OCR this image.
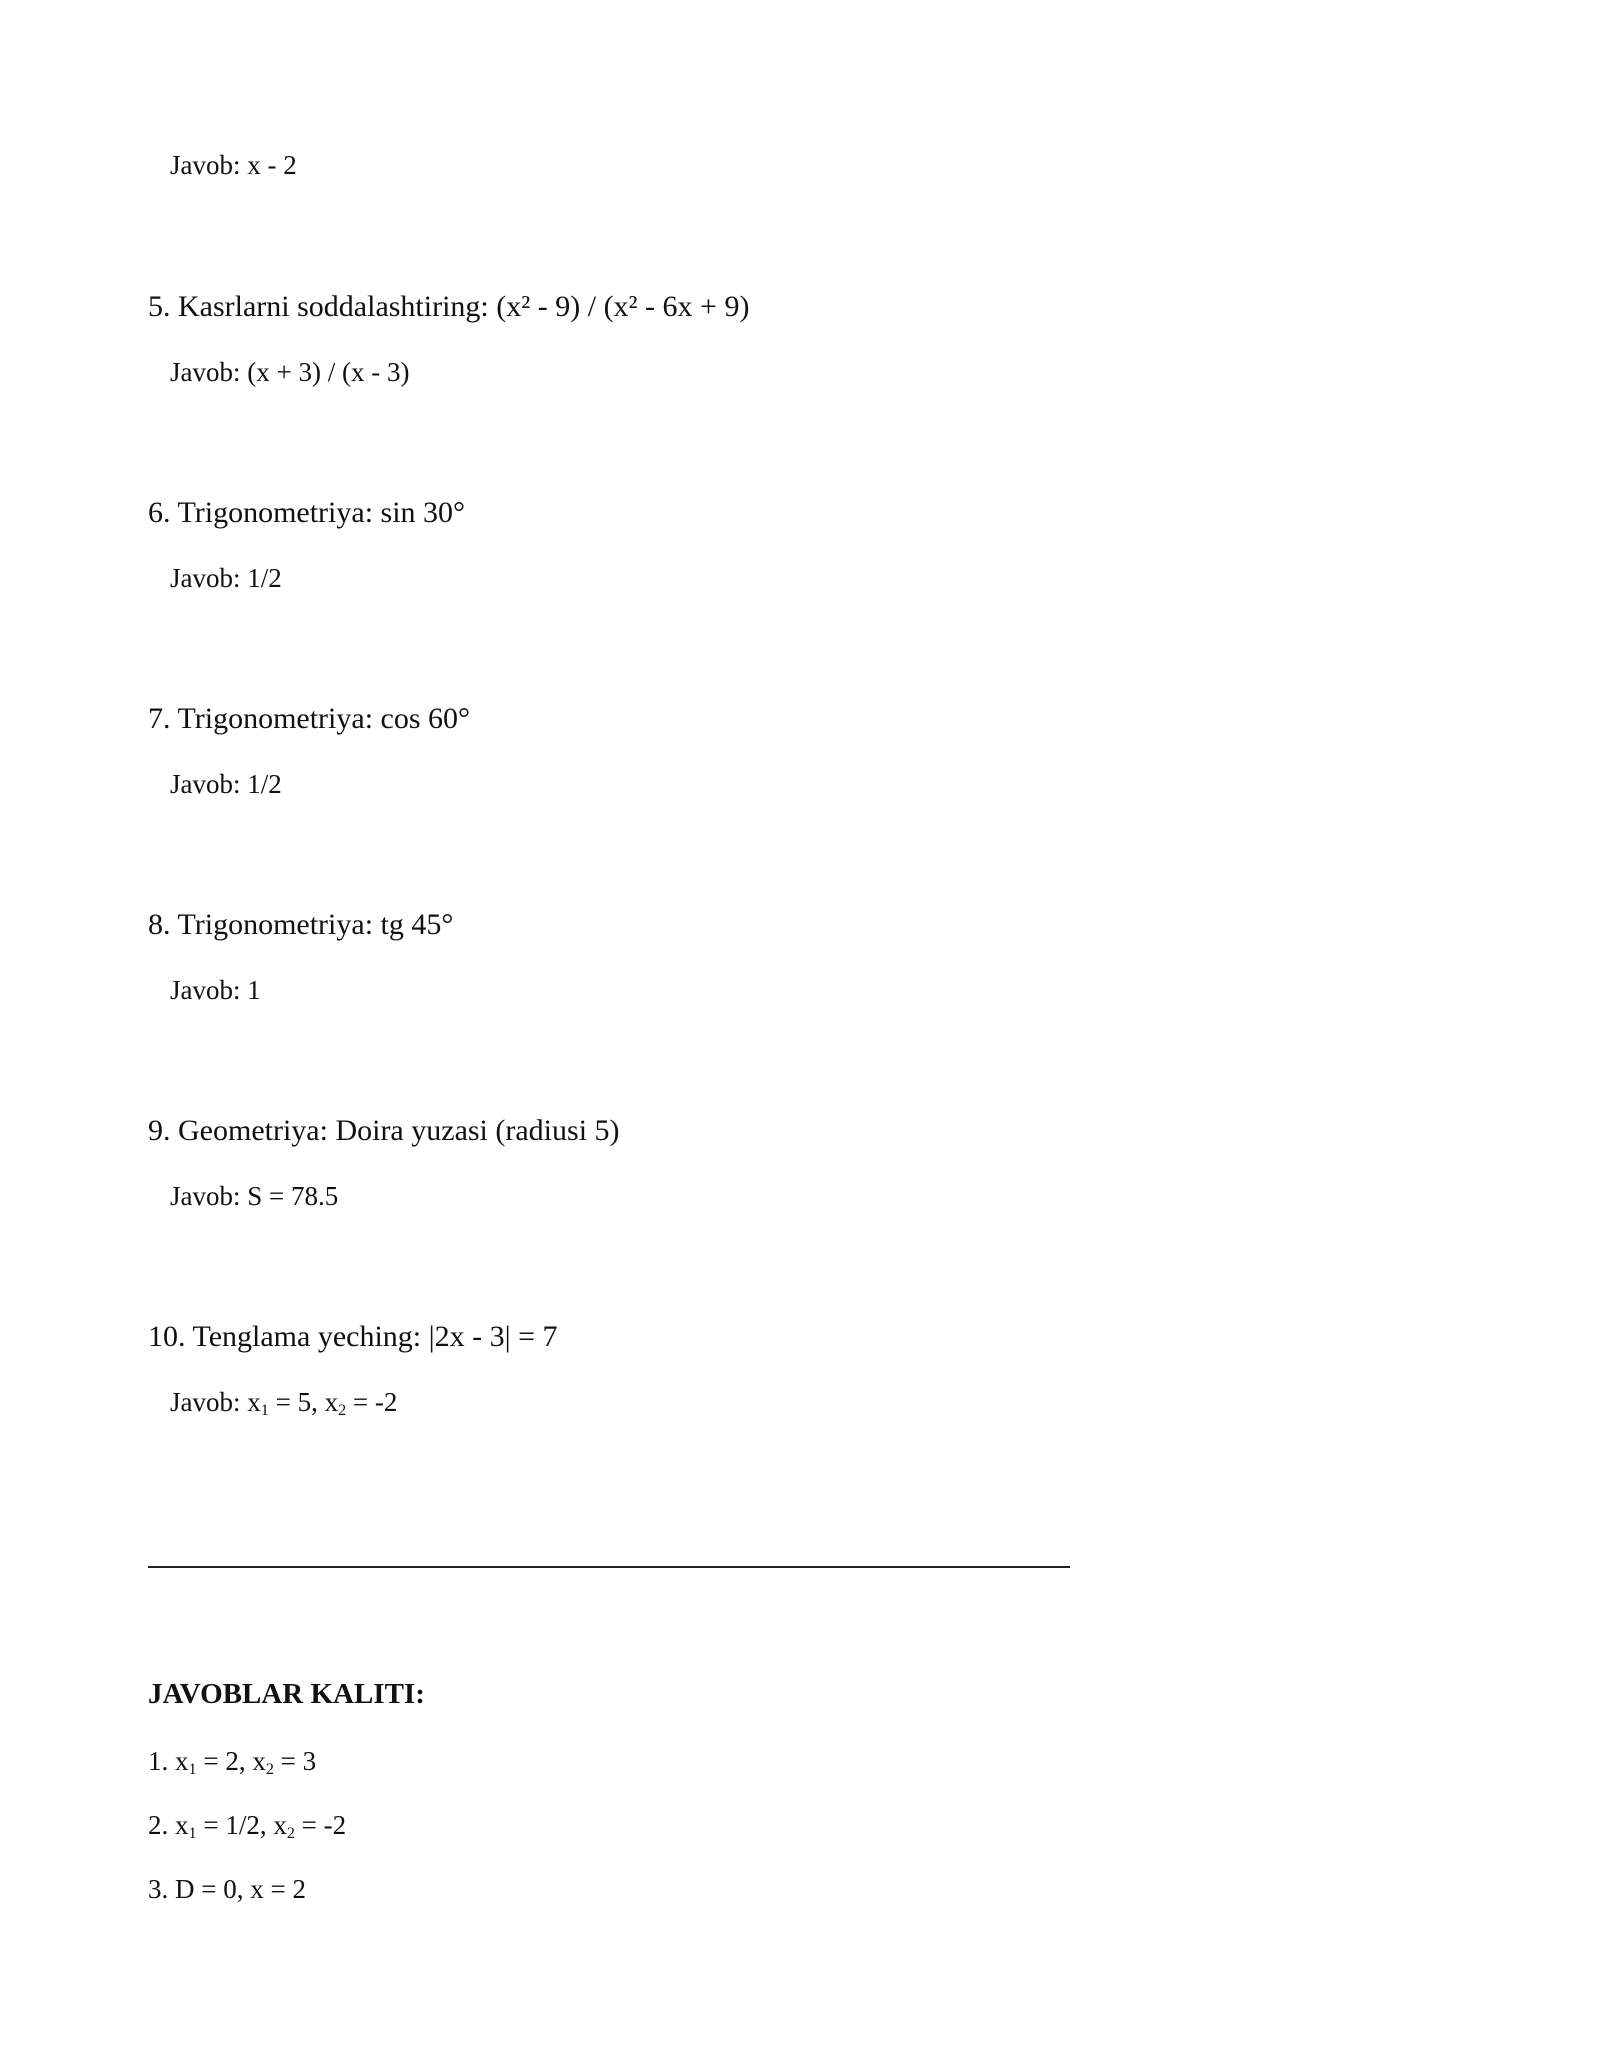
Javob: x - 2
5. Kasrlarni soddalashtiring: (x² - 9) / (x² - 6x + 9)
Javob: (x + 3) / (x - 3)
6. Trigonometriya: sin 30°
Javob: 1/2
7. Trigonometriya: cos 60°
Javob: 1/2
8. Trigonometriya: tg 45°
Javob: 1
9. Geometriya: Doira yuzasi (radiusi 5)
Javob: S = 78.5
10. Tenglama yeching: |2x - 3| = 7
Javob: $x_1 = 5$, $x_2 = -2$
JAVOBLAR KALITI:
1. $x_1 = 2$, $x_2 = 3$
2. $x_1 = 1/2$, $x_2 = -2$
3. D = 0, x = 2
